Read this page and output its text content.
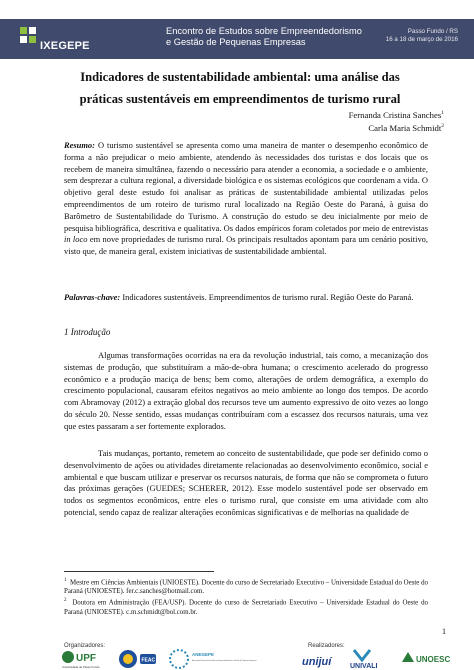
IXEGEPE
Encontro de Estudos sobre Empreendedorismo
e Gestão de Pequenas Empresas
Passo Fundo / RS
16 a 18 de março de 2016
Indicadores de sustentabilidade ambiental: uma análise das práticas sustentáveis em empreendimentos de turismo rural
Fernanda Cristina Sanches$^1$
Carla Maria Schmidt$^2$
Resumo: O turismo sustentável se apresenta como uma maneira de manter o desempenho econômico de forma a não prejudicar o meio ambiente, atendendo às necessidades dos turistas e dos locais que os recebem de maneira simultânea, fazendo o necessário para atender a economia, a sociedade e o ambiente, sem desprezar a cultura regional, a diversidade biológica e os sistemas ecológicos que coordenam a vida. O objetivo geral deste estudo foi analisar as práticas de sustentabilidade ambiental utilizadas pelos empreendimentos de um roteiro de turismo rural localizado na Região Oeste do Paraná, à guisa do Barômetro de Sustentabilidade do Turismo. A construção do estudo se deu inicialmente por meio de pesquisa bibliográfica, descritiva e qualitativa. Os dados empíricos foram coletados por meio de entrevistas in loco em nove propriedades de turismo rural. Os principais resultados apontam para um cenário positivo, visto que, de maneira geral, existem iniciativas de sustentabilidade ambiental.
Palavras-chave: Indicadores sustentáveis. Empreendimentos de turismo rural. Região Oeste do Paraná.
1 Introdução
Algumas transformações ocorridas na era da revolução industrial, tais como, a mecanização dos sistemas de produção, que substituíram a mão-de-obra humana; o crescimento acelerado do progresso econômico e a produção maciça de bens; bem como, alterações de ordem demográfica, a exemplo do crescimento populacional, causaram efeitos negativos ao meio ambiente ao longo dos tempos. De acordo com Abramovay (2012) a extração global dos recursos teve um aumento expressivo de oito vezes ao longo do século 20. Nesse sentido, essas mudanças contribuíram com a escassez dos recursos naturais, uma vez que estes passaram a ser fortemente explorados.
Tais mudanças, portanto, remetem ao conceito de sustentabilidade, que pode ser definido como o desenvolvimento de ações ou atividades diretamente relacionadas ao desenvolvimento econômico, social e ambiental e que buscam utilizar e preservar os recursos naturais, de forma que não se comprometa o futuro das próximas gerações (GUEDES; SCHERER, 2012). Esse modelo sustentável pode ser observado em todos os segmentos econômicos, entre eles o turismo rural, que consiste em uma atividade com alto potencial, sendo capaz de realizar alterações econômicas significativas e de melhorias na qualidade de
$^1$ Mestre em Ciências Ambientais (UNIOESTE). Docente do curso de Secretariado Executivo – Universidade Estadual do Oeste do Paraná (UNIOESTE). fer.c.sanches@hotmail.com.
$^2$ Doutora em Administração (FEA/USP). Docente do curso de Secretariado Executivo – Universidade Estadual do Oeste do Paraná (UNIOESTE). c.m.schmidt@bol.com.br.
1
Organizadores:
UPF
Universidade de Passo Fundo
FEAC
ANEGEPE
Associação Nacional de Estudos em Empreendedorismo e Gestão de Pequenas Empresas
Realizadores:
unijuí	UNIVALI
UNOESC
